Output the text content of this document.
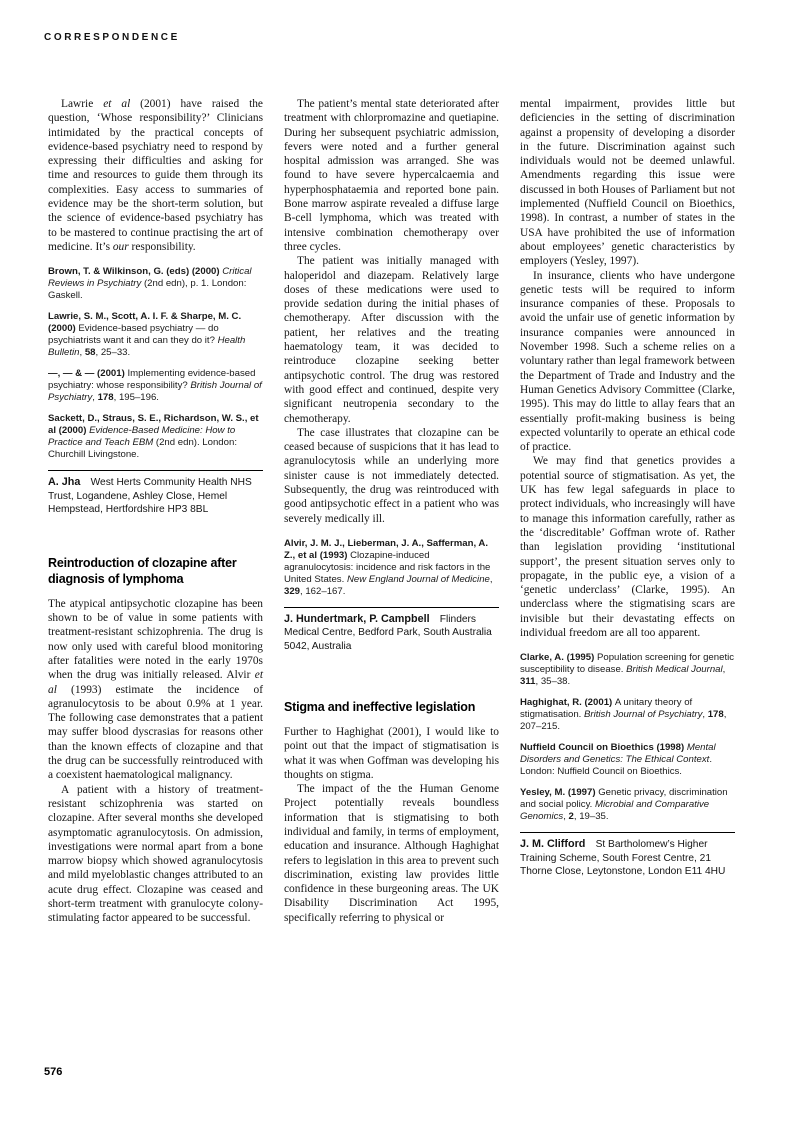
CORRESPONDENCE

Lawrie et al (2001) have raised the question, ‘Whose responsibility?’ Clinicians intimidated by the practical concepts of evidence-based psychiatry need to respond by expressing their difficulties and asking for time and resources to guide them through its complexities. Easy access to summaries of evidence may be the short-term solution, but the science of evidence-based psychiatry has to be mastered to continue practising the art of medicine. It’s our responsibility.

Brown, T. & Wilkinson, G. (eds) (2000) Critical Reviews in Psychiatry (2nd edn), p. 1. London: Gaskell.

Lawrie, S. M., Scott, A. I. F. & Sharpe, M. C. (2000) Evidence-based psychiatry — do psychiatrists want it and can they do it? Health Bulletin, 58, 25–33.

—, — & — (2001) Implementing evidence-based psychiatry: whose responsibility? British Journal of Psychiatry, 178, 195–196.

Sackett, D., Straus, S. E., Richardson, W. S., et al (2000) Evidence-Based Medicine: How to Practice and Teach EBM (2nd edn). London: Churchill Livingstone.

A. Jha West Herts Community Health NHS Trust, Logandene, Ashley Close, Hemel Hempstead, Hertfordshire HP3 8BL

Reintroduction of clozapine after diagnosis of lymphoma

The atypical antipsychotic clozapine has been shown to be of value in some patients with treatment-resistant schizophrenia. The drug is now only used with careful blood monitoring after fatalities were noted in the early 1970s when the drug was initially released. Alvir et al (1993) estimate the incidence of agranulocytosis to be about 0.9% at 1 year. The following case demonstrates that a patient may suffer blood dyscrasias for reasons other than the known effects of clozapine and that the drug can be successfully reintroduced with a coexistent haematological malignancy.

A patient with a history of treatment-resistant schizophrenia was started on clozapine. After several months she developed asymptomatic agranulocytosis. On admission, investigations were normal apart from a bone marrow biopsy which showed agranulocytosis and mild myeloblastic changes attributed to an acute drug effect. Clozapine was ceased and short-term treatment with granulocyte colony-stimulating factor appeared to be successful.

The patient’s mental state deteriorated after treatment with chlorpromazine and quetiapine. During her subsequent psychiatric admission, fevers were noted and a further general hospital admission was arranged. She was found to have severe hypercalcaemia and hyperphosphataemia and reported bone pain. Bone marrow aspirate revealed a diffuse large B-cell lymphoma, which was treated with intensive combination chemotherapy over three cycles.

The patient was initially managed with haloperidol and diazepam. Relatively large doses of these medications were used to provide sedation during the initial phases of chemotherapy. After discussion with the patient, her relatives and the treating haematology team, it was decided to reintroduce clozapine seeking better antipsychotic control. The drug was restored with good effect and continued, despite very significant neutropenia secondary to the chemotherapy.

The case illustrates that clozapine can be ceased because of suspicions that it has lead to agranulocytosis while an underlying more sinister cause is not immediately detected. Subsequently, the drug was reintroduced with good antipsychotic effect in a patient who was severely medically ill.

Alvir, J. M. J., Lieberman, J. A., Safferman, A. Z., et al (1993) Clozapine-induced agranulocytosis: incidence and risk factors in the United States. New England Journal of Medicine, 329, 162–167.

J. Hundertmark, P. Campbell Flinders Medical Centre, Bedford Park, South Australia 5042, Australia

Stigma and ineffective legislation

Further to Haghighat (2001), I would like to point out that the impact of stigmatisation is what it was when Goffman was developing his thoughts on stigma.

The impact of the the Human Genome Project potentially reveals boundless information that is stigmatising to both individual and family, in terms of employment, education and insurance. Although Haghighat refers to legislation in this area to prevent such discrimination, existing law provides little confidence in these burgeoning areas. The UK Disability Discrimination Act 1995, specifically referring to physical or

mental impairment, provides little but deficiencies in the setting of discrimination against a propensity of developing a disorder in the future. Discrimination against such individuals would not be deemed unlawful. Amendments regarding this issue were discussed in both Houses of Parliament but not implemented (Nuffield Council on Bioethics, 1998). In contrast, a number of states in the USA have prohibited the use of information about employees’ genetic characteristics by employers (Yesley, 1997).

In insurance, clients who have undergone genetic tests will be required to inform insurance companies of these. Proposals to avoid the unfair use of genetic information by insurance companies were announced in November 1998. Such a scheme relies on a voluntary rather than legal framework between the Department of Trade and Industry and the Human Genetics Advisory Committee (Clarke, 1995). This may do little to allay fears that an essentially profit-making business is being expected voluntarily to operate an ethical code of practice.

We may find that genetics provides a potential source of stigmatisation. As yet, the UK has few legal safeguards in place to protect individuals, who increasingly will have to manage this information carefully, rather as the ‘discreditable’ Goffman wrote of. Rather than legislation providing ‘institutional support’, the present situation serves only to propagate, in the public eye, a vision of a ‘genetic underclass’ (Clarke, 1995). An underclass where the stigmatising scars are invisible but their devastating effects on individual freedom are all too apparent.

Clarke, A. (1995) Population screening for genetic susceptibility to disease. British Medical Journal, 311, 35–38.

Haghighat, R. (2001) A unitary theory of stigmatisation. British Journal of Psychiatry, 178, 207–215.

Nuffield Council on Bioethics (1998) Mental Disorders and Genetics: The Ethical Context. London: Nuffield Council on Bioethics.

Yesley, M. (1997) Genetic privacy, discrimination and social policy. Microbial and Comparative Genomics, 2, 19–35.

J. M. Clifford St Bartholomew’s Higher Training Scheme, South Forest Centre, 21 Thorne Close, Leytonstone, London E11 4HU

576
